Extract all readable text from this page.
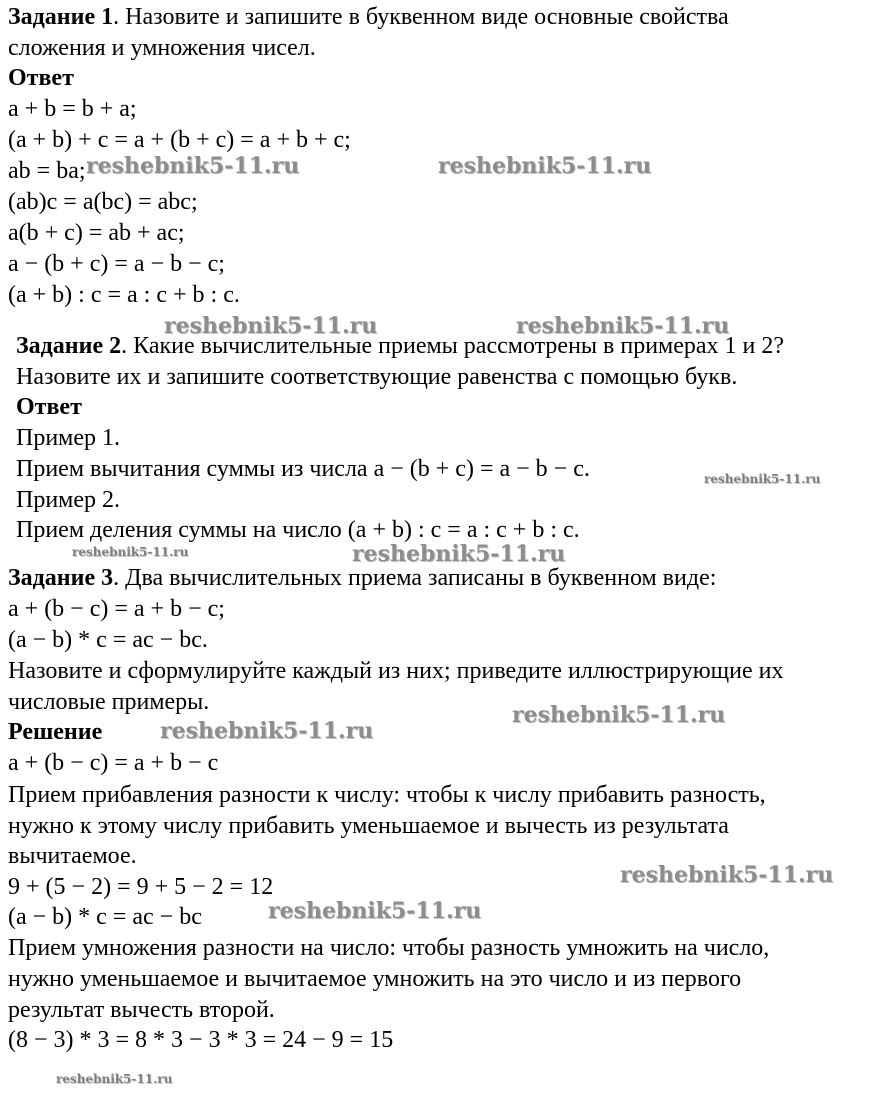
Задание 1. Назовите и запишите в буквенном виде основные свойства
сложения и умножения чисел.
Ответ
a + b = b + a;
(a + b) + c = a + (b + c) = a + b + c;
ab = ba;
(ab)c = a(bc) = abc;
a(b + c) = ab + ac;
a − (b + c) = a − b − c;
(a + b) : c = a : c + b : c.
Задание 2. Какие вычислительные приемы рассмотрены в примерах 1 и 2?
Назовите их и запишите соответствующие равенства с помощью букв.
Ответ
Пример 1.
Прием вычитания суммы из числа a − (b + c) = a − b − c.
Пример 2.
Прием деления суммы на число (a + b) : c = a : c + b : c.
Задание 3. Два вычислительных приема записаны в буквенном виде:
a + (b − c) = a + b − c;
(a − b) * c = ac − bc.
Назовите и сформулируйте каждый из них; приведите иллюстрирующие их
числовые примеры.
Решение
a + (b − c) = a + b − c
Прием прибавления разности к числу: чтобы к числу прибавить разность,
нужно к этому числу прибавить уменьшаемое и вычесть из результата
вычитаемое.
9 + (5 − 2) = 9 + 5 − 2 = 12
(a − b) * c = ac − bc
Прием умножения разности на число: чтобы разность умножить на число,
нужно уменьшаемое и вычитаемое умножить на это число и из первого
результат вычесть второй.
(8 − 3) * 3 = 8 * 3 − 3 * 3 = 24 − 9 = 15
reshebnik5-11.ru	reshebnik5-11.ru
reshebnik5-11.ru	reshebnik5-11.ru
reshebnik5-11.ru
reshebnik5-11.ru	reshebnik5-11.ru
reshebnik5-11.ru
reshebnik5-11.ru
reshebnik5-11.ru
reshebnik5-11.ru
reshebnik5-11.ru
